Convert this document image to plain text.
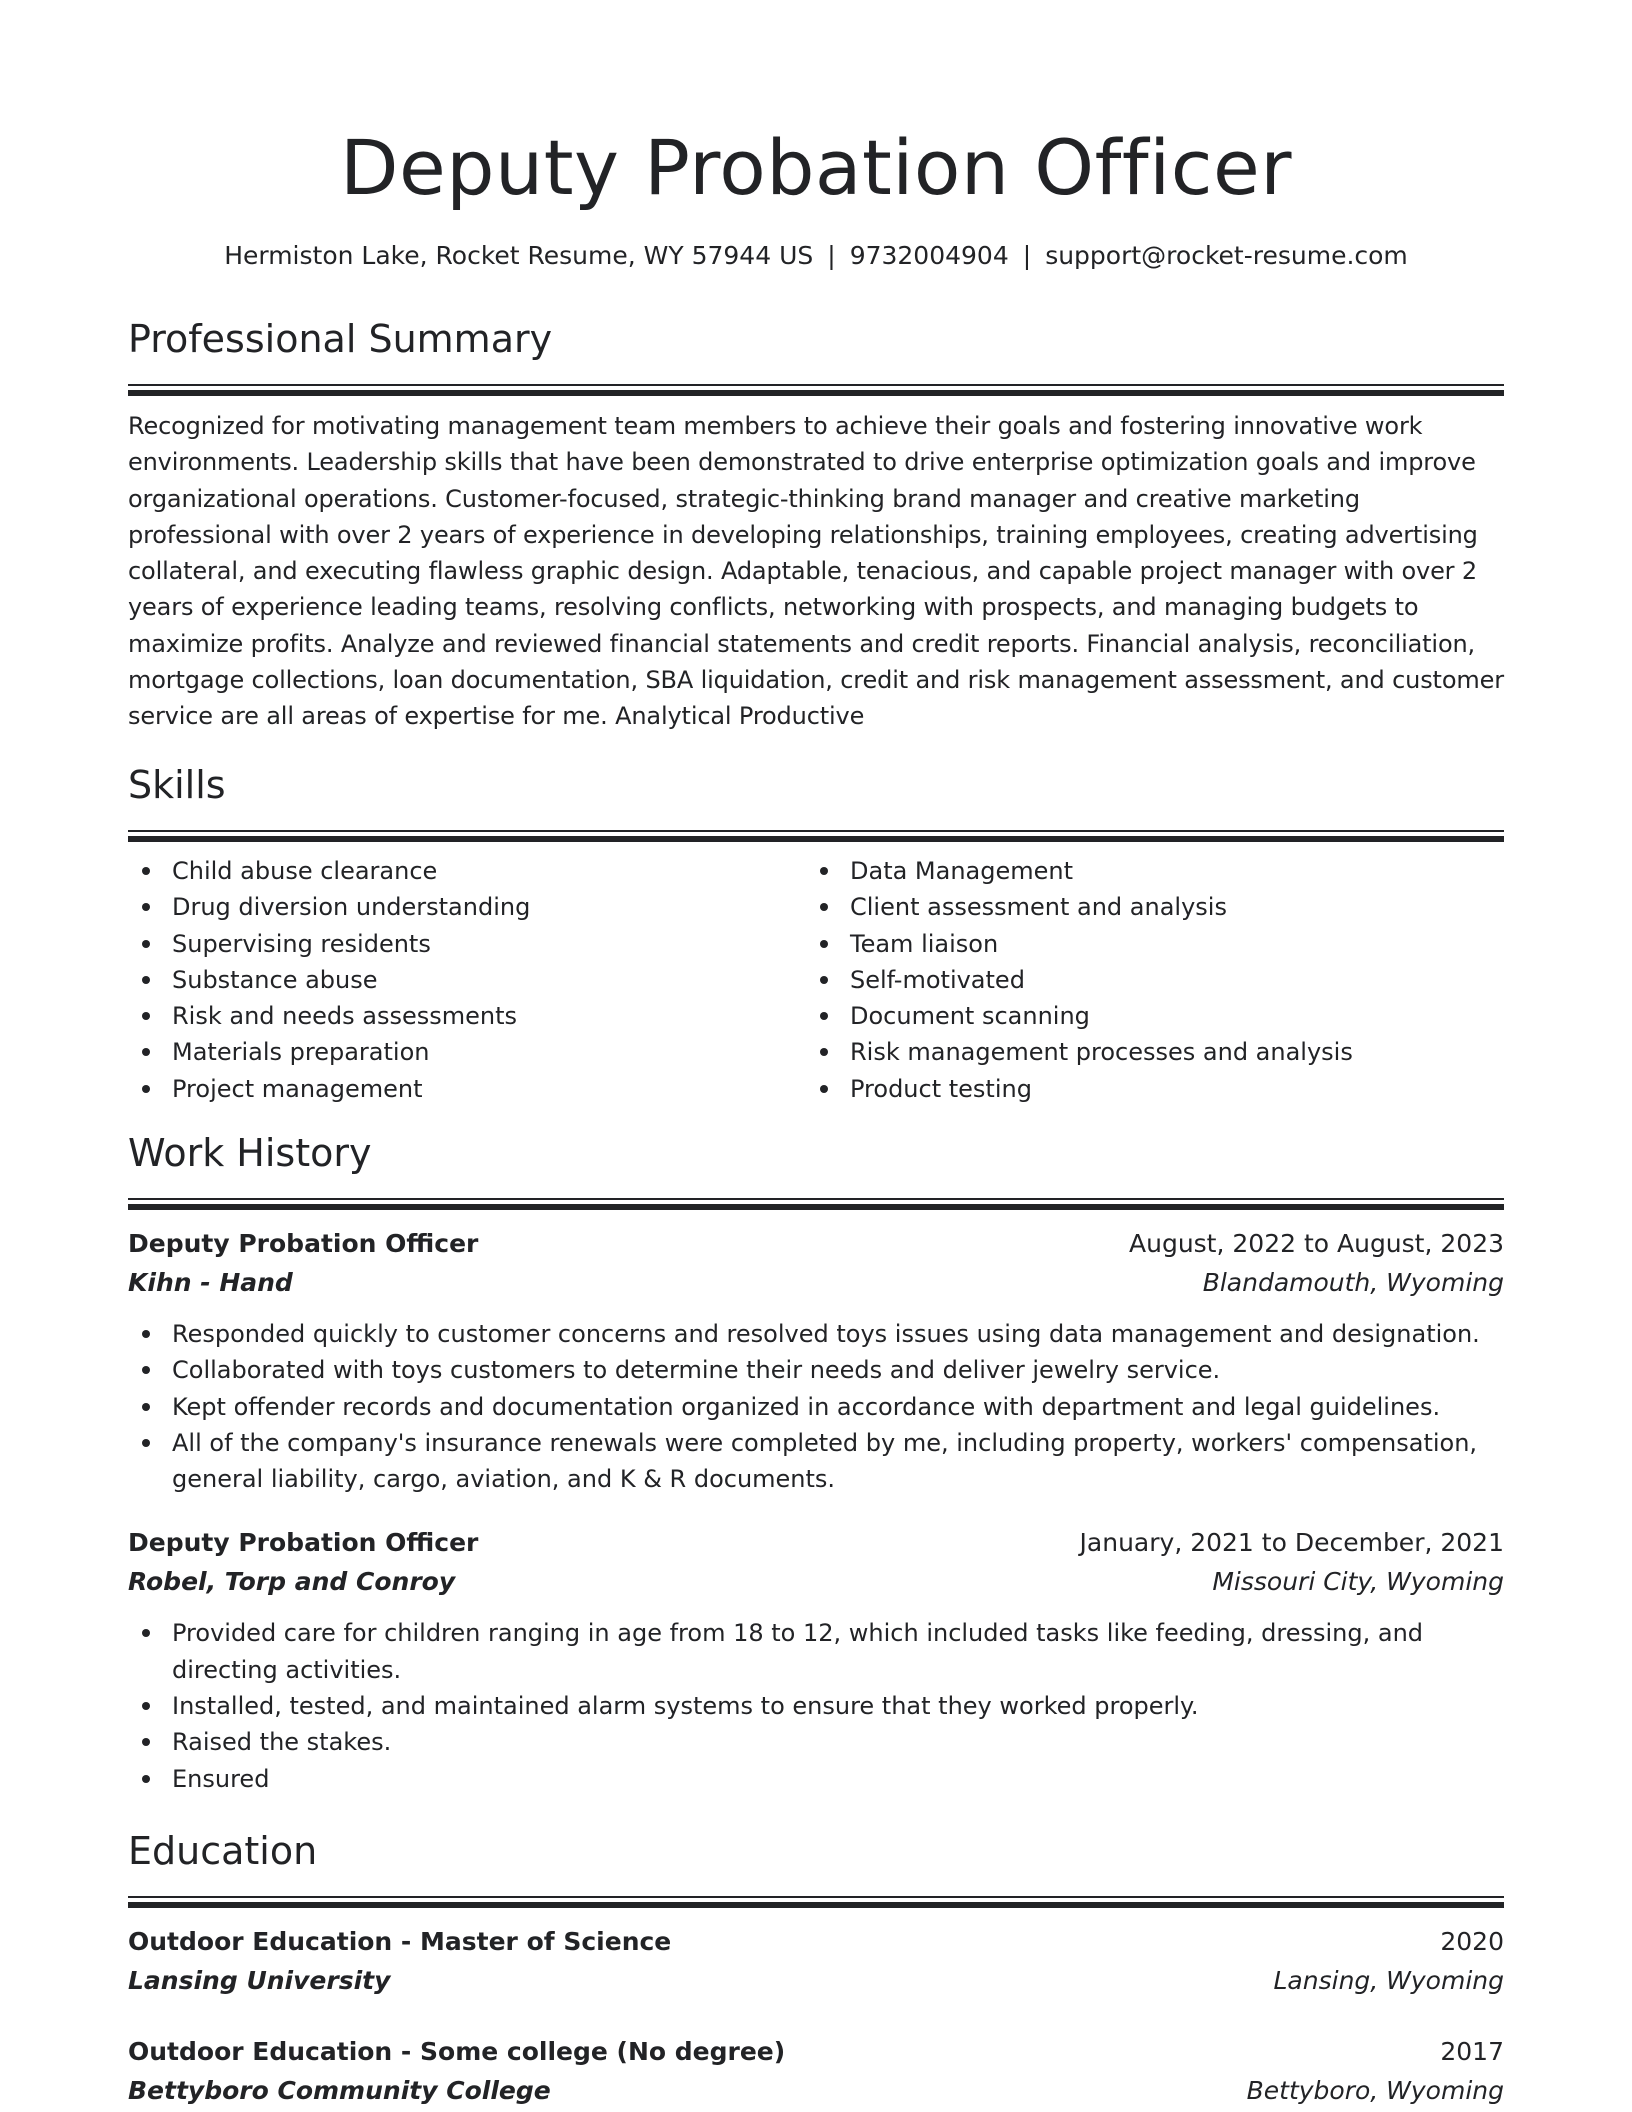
Deputy Probation Officer
Hermiston Lake, Rocket Resume, WY 57944 US | 9732004904 | support@rocket-resume.com
Professional Summary
Recognized for motivating management team members to achieve their goals and fostering innovative work environments. Leadership skills that have been demonstrated to drive enterprise optimization goals and improve organizational operations. Customer-focused, strategic-thinking brand manager and creative marketing professional with over 2 years of experience in developing relationships, training employees, creating advertising collateral, and executing flawless graphic design. Adaptable, tenacious, and capable project manager with over 2 years of experience leading teams, resolving conflicts, networking with prospects, and managing budgets to maximize profits. Analyze and reviewed financial statements and credit reports. Financial analysis, reconciliation, mortgage collections, loan documentation, SBA liquidation, credit and risk management assessment, and customer service are all areas of expertise for me. Analytical Productive
Skills
Child abuse clearance
Drug diversion understanding
Supervising residents
Substance abuse
Risk and needs assessments
Materials preparation
Project management
Data Management
Client assessment and analysis
Team liaison
Self-motivated
Document scanning
Risk management processes and analysis
Product testing
Work History
Deputy Probation Officer	August, 2022 to August, 2023
Kihn - Hand	Blandamouth, Wyoming
Responded quickly to customer concerns and resolved toys issues using data management and designation.
Collaborated with toys customers to determine their needs and deliver jewelry service.
Kept offender records and documentation organized in accordance with department and legal guidelines.
All of the company's insurance renewals were completed by me, including property, workers' compensation, general liability, cargo, aviation, and K & R documents.
Deputy Probation Officer	January, 2021 to December, 2021
Robel, Torp and Conroy	Missouri City, Wyoming
Provided care for children ranging in age from 18 to 12, which included tasks like feeding, dressing, and directing activities.
Installed, tested, and maintained alarm systems to ensure that they worked properly.
Raised the stakes.
Ensured
Education
Outdoor Education - Master of Science	2020
Lansing University	Lansing, Wyoming
Outdoor Education - Some college (No degree)	2017
Bettyboro Community College	Bettyboro, Wyoming
